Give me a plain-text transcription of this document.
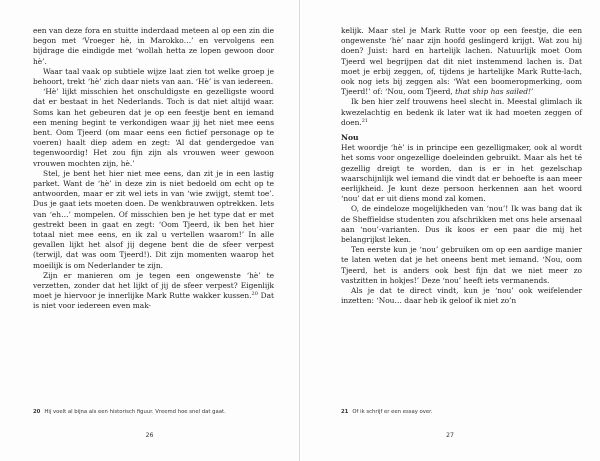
een van deze fora en stuitte inderdaad meteen al op een zin die begon met ‘Vroeger hè, in Marokko…’ en vervolgens een bijdrage die eindigde met ‘wollah hetta ze lopen gewoon door hè’.

Waar taal vaak op subtiele wijze laat zien tot welke groep je behoort, trekt ‘hè’ zich daar niets van aan. ‘Hè’ is van iedereen.

‘Hè’ lijkt misschien het onschuldigste en gezelligste woord dat er bestaat in het Nederlands. Toch is dat niet altijd waar. Soms kan het gebeuren dat je op een feestje bent en iemand een mening begint te verkondigen waar jij het niet mee eens bent. Oom Tjeerd (om maar eens een fictief personage op te voeren) haalt diep adem en zegt: ‘Al dat gendergedoe van tegenwoordig! Het zou fijn zijn als vrouwen weer gewoon vrouwen mochten zijn, hè.’

Stel, je bent het hier niet mee eens, dan zit je in een lastig parket. Want de ‘hè’ in deze zin is niet bedoeld om echt op te antwoorden, maar er zit wel iets in van ‘wie zwijgt, stemt toe’. Dus je gaat iets moeten doen. De wenkbrauwen optrekken. Iets van ‘eh…’ mompelen. Of misschien ben je het type dat er met gestrekt been in gaat en zegt: ‘Oom Tjeerd, ik ben het hier totaal niet mee eens, en ik zal u vertellen waarom!’ In alle gevallen lijkt het alsof jij degene bent die de sfeer verpest (terwijl, dat was oom Tjeerd!). Dit zijn momenten waarop het moeilijk is om Nederlander te zijn.

Zijn er manieren om je tegen een ongewenste ‘hè’ te verzetten, zonder dat het lijkt of jij de sfeer verpest? Eigenlijk moet je hiervoor je innerlijke Mark Rutte wakker kussen.$^{20}$ Dat is niet voor iedereen even mak-

20 Hij voelt al bijna als een historisch figuur. Vreemd hoe snel dat gaat.
26

kelijk. Maar stel je Mark Rutte voor op een feestje, die een ongewenste ‘hè’ naar zijn hoofd geslingerd krijgt. Wat zou hij doen? Juist: hard en hartelijk lachen. Natuurlijk moet Oom Tjeerd wel begrijpen dat dit niet instemmend lachen is. Dat moet je erbij zeggen, of, tijdens je hartelijke Mark Rutte-lach, ook nog iets bij zeggen als: ‘Wat een boomeropmerking, oom Tjeerd!’ of: ‘Nou, oom Tjeerd, that ship has sailed!’

Ik ben hier zelf trouwens heel slecht in. Meestal glimlach ik kwezelachtig en bedenk ik later wat ik had moeten zeggen of doen.$^{21}$

Nou

Het woordje ‘hè’ is in principe een gezelligmaker, ook al wordt het soms voor ongezellige doeleinden gebruikt. Maar als het té gezellig dreigt te worden, dan is er in het gezelschap waarschijnlijk wel iemand die vindt dat er behoefte is aan meer eerlijkheid. Je kunt deze persoon herkennen aan het woord ‘nou’ dat er uit diens mond zal komen.

O, de eindeloze mogelijkheden van ‘nou’! Ik was bang dat ik de Sheffieldse studenten zou afschrikken met ons hele arsenaal aan ‘nou’-varianten. Dus ik koos er een paar die mij het belangrijkst leken.

Ten eerste kun je ‘nou’ gebruiken om op een aardige manier te laten weten dat je het oneens bent met iemand. ‘Nou, oom Tjeerd, het is anders ook best fijn dat we niet meer zo vastzitten in hokjes!’ Deze ‘nou’ heeft iets vermanends.

Als je dat te direct vindt, kun je ‘nou’ ook weifelender inzetten: ‘Nou… daar heb ik geloof ik niet zo’n

21 Of ik schrijf er een essay over.
27
